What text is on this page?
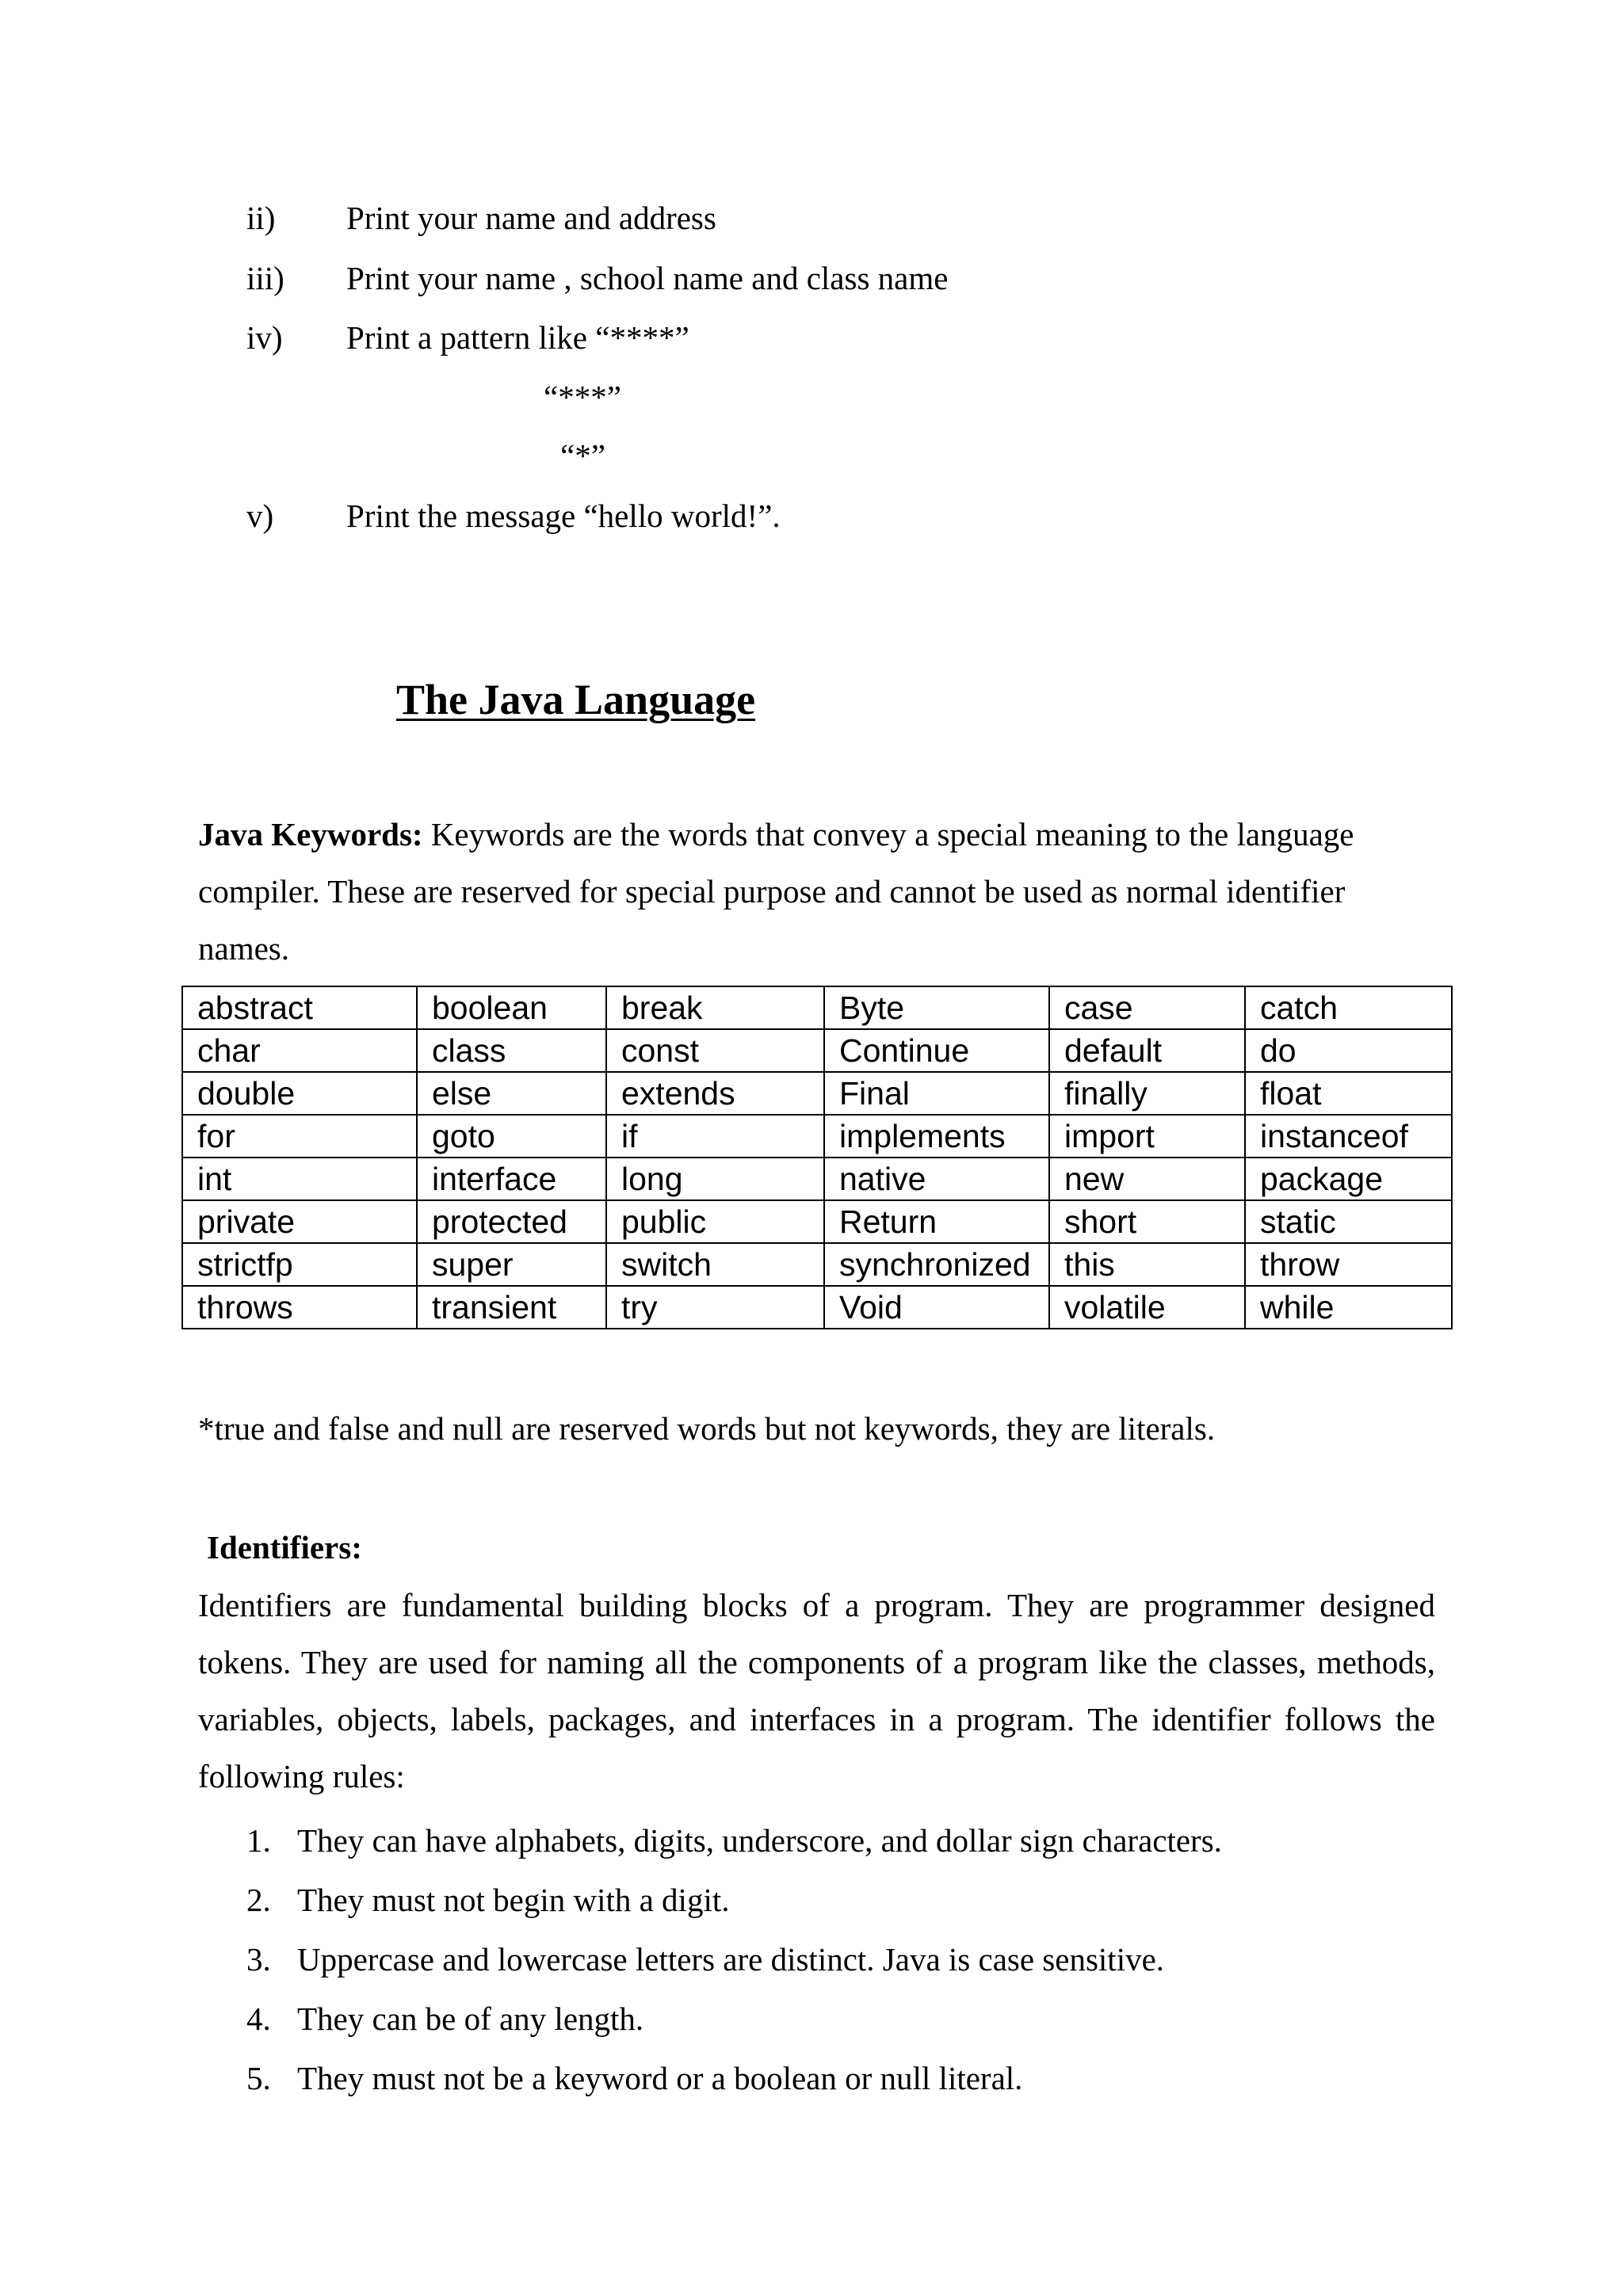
ii) Print your name and address
iii) Print your name , school name and class name
iv) Print a pattern like “****”
“***”
“*”
v) Print the message “hello world!”.
The Java Language
Java Keywords: Keywords are the words that convey a special meaning to the language
compiler. These are reserved for special purpose and cannot be used as normal identifier
names.
abstract	boolean	break	Byte	case	catch
char	class	const	Continue	default	do
double	else	extends	Final	finally	float
for	goto	if	implements	import	instanceof
int	interface	long	native	new	package
private	protected	public	Return	short	static
strictfp	super	switch	synchronized	this	throw
throws	transient	try	Void	volatile	while
*true and false and null are reserved words but not keywords, they are literals.
Identifiers:
Identifiers are fundamental building blocks of a program. They are programmer designed
tokens. They are used for naming all the components of a program like the classes, methods,
variables, objects, labels, packages, and interfaces in a program. The identifier follows the
following rules:
1. They can have alphabets, digits, underscore, and dollar sign characters.
2. They must not begin with a digit.
3. Uppercase and lowercase letters are distinct. Java is case sensitive.
4. They can be of any length.
5. They must not be a keyword or a boolean or null literal.
